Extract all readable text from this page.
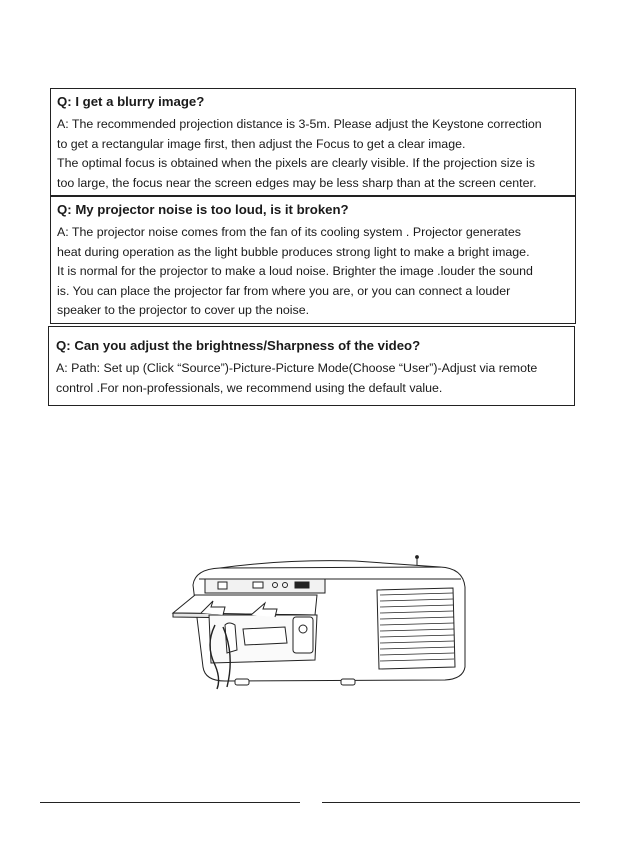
Q: I get a blurry image?

A: The recommended projection distance is 3-5m. Please adjust the Keystone correction
to get a rectangular image first, then adjust the Focus to get a clear image.
The optimal focus is obtained when the pixels are clearly visible. If the projection size is
too large, the focus near the screen edges may be less sharp than at the screen center.

Q: My projector noise is too loud, is it broken?

A: The projector noise comes from the fan of its cooling system . Projector generates
heat during operation as the light bubble produces strong light to make a bright image.
It is normal for the projector to make a loud noise. Brighter the image .louder the sound
is. You can place the projector far from where you are, or you can connect a louder
speaker to the projector to cover up the noise.

Q: Can you adjust the brightness/Sharpness of the video?

A: Path: Set up (Click “Source”)-Picture-Picture Mode(Choose “User”)-Adjust via remote
control .For non-professionals, we recommend using the default value.
